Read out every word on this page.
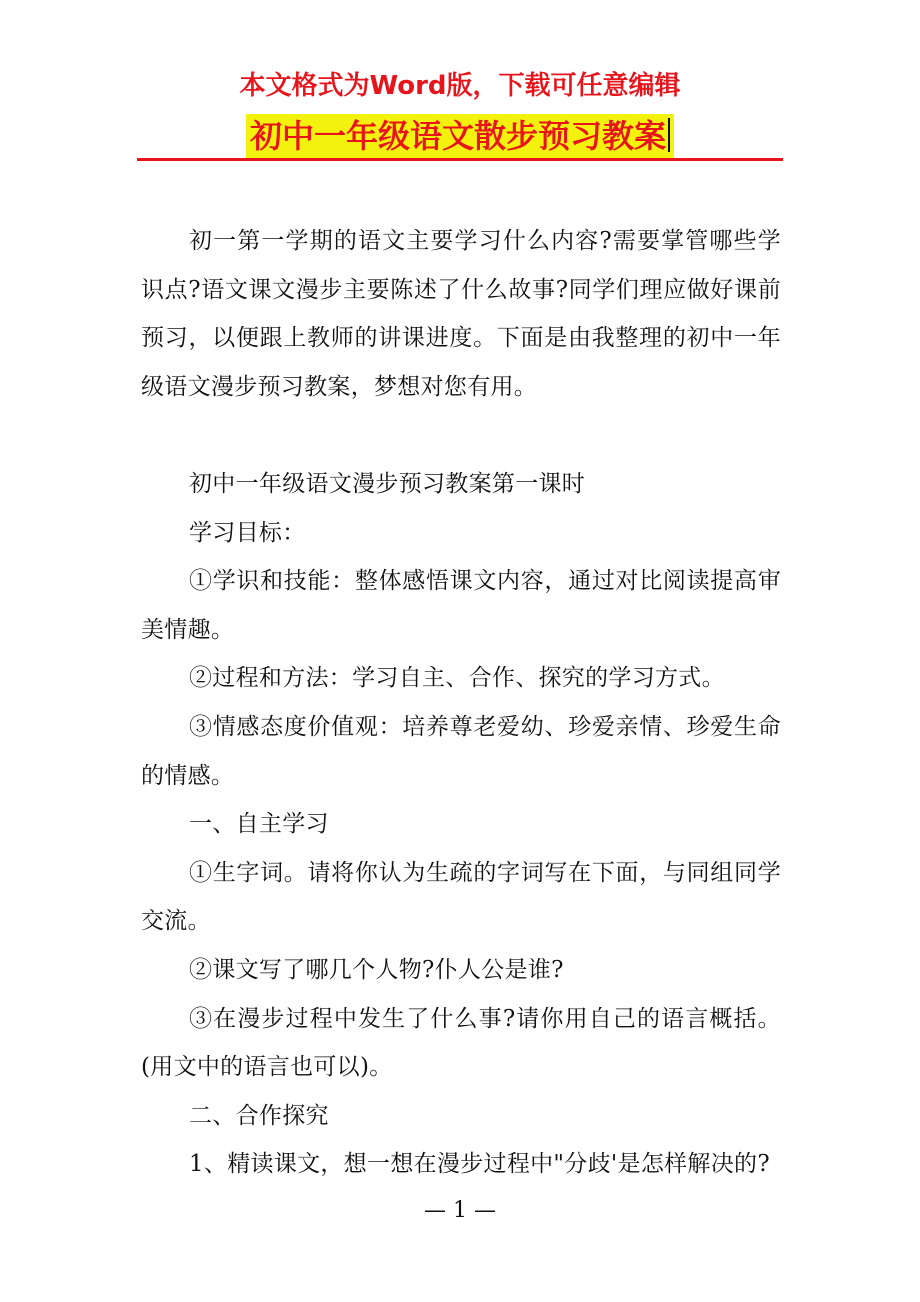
本文格式为Word版，下载可任意编辑
初中一年级语文散步预习教案

初一第一学期的语文主要学习什么内容?需要掌管哪些学识点?语文课文漫步主要陈述了什么故事?同学们理应做好课前预习，以便跟上教师的讲课进度。下面是由我整理的初中一年级语文漫步预习教案，梦想对您有用。

初中一年级语文漫步预习教案第一课时

学习目标：

①学识和技能：整体感悟课文内容，通过对比阅读提高审美情趣。

②过程和方法：学习自主、合作、探究的学习方式。

③情感态度价值观：培养尊老爱幼、珍爱亲情、珍爱生命的情感。

一、自主学习

①生字词。请将你认为生疏的字词写在下面，与同组同学交流。

②课文写了哪几个人物?仆人公是谁?

③在漫步过程中发生了什么事?请你用自己的语言概括。(用文中的语言也可以)。

二、合作探究

1、精读课文，想一想在漫步过程中"分歧'是怎样解决的?

— 1 —
